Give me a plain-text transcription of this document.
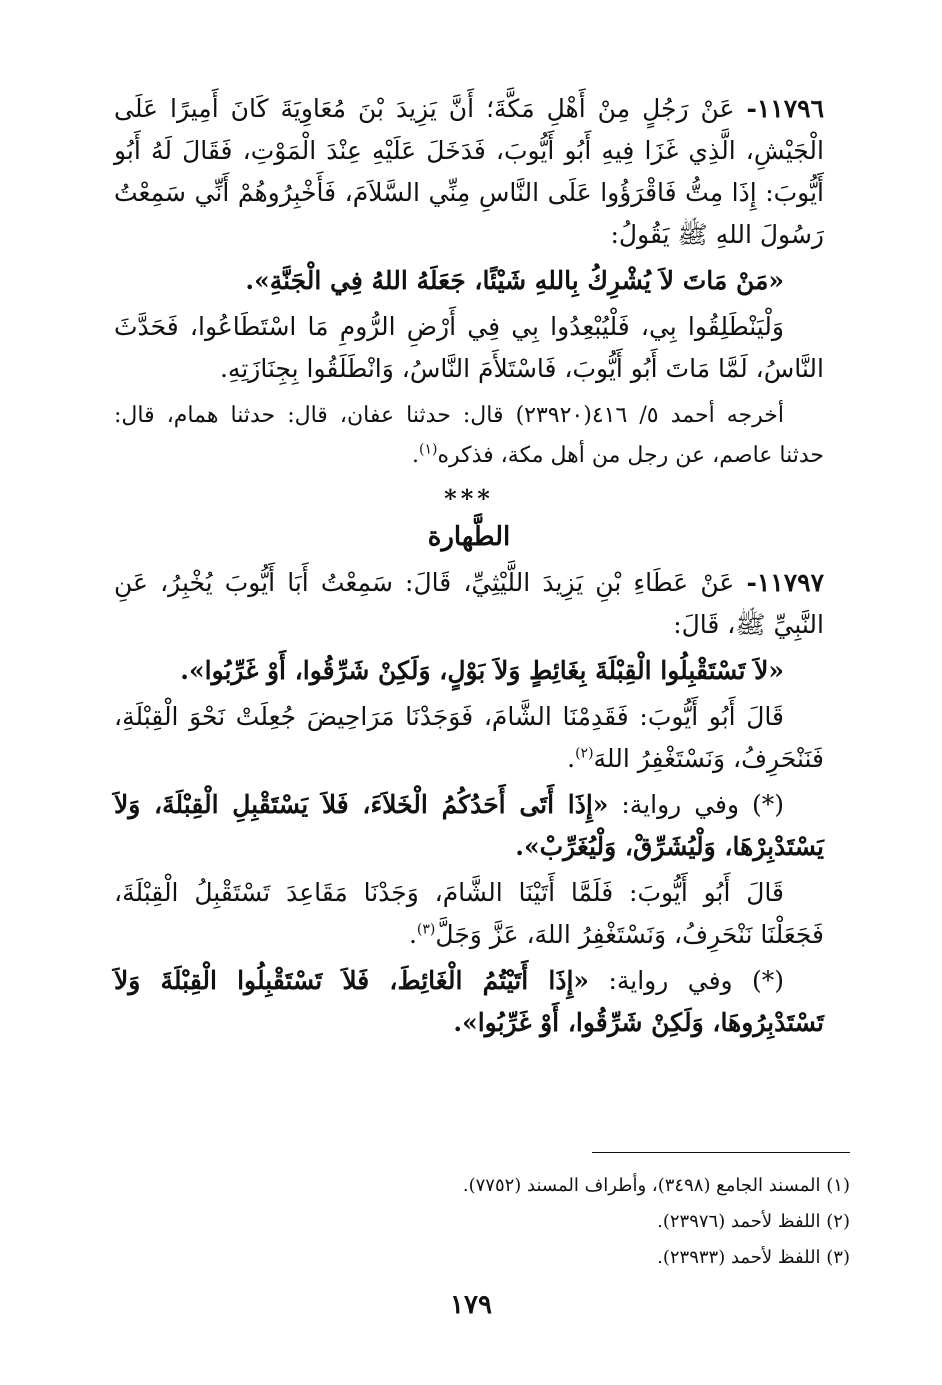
١١٧٩٦- عَنْ رَجُلٍ مِنْ أَهْلِ مَكَّةَ؛ أَنَّ يَزِيدَ بْنَ مُعَاوِيَةَ كَانَ أَمِيرًا عَلَى الْجَيْشِ، الَّذِي غَزَا فِيهِ أَبُو أَيُّوبَ، فَدَخَلَ عَلَيْهِ عِنْدَ الْمَوْتِ، فَقَالَ لَهُ أَبُو أَيُّوبَ: إِذَا مِتُّ فَاقْرَؤُوا عَلَى النَّاسِ مِنِّي السَّلاَمَ، فَأَخْبِرُوهُمْ أَنِّي سَمِعْتُ رَسُولَ اللهِ ﷺ يَقُولُ:

«مَنْ مَاتَ لاَ يُشْرِكُ بِاللهِ شَيْئًا، جَعَلَهُ اللهُ فِي الْجَنَّةِ».

وَلْيَنْطَلِقُوا بِي، فَلْيُبْعِدُوا بِي فِي أَرْضِ الرُّومِ مَا اسْتَطَاعُوا، فَحَدَّثَ النَّاسُ، لَمَّا مَاتَ أَبُو أَيُّوبَ، فَاسْتَلأَمَ النَّاسُ، وَانْطَلَقُوا بِجِنَازَتِهِ.

أخرجه أحمد ٥/ ٤١٦(٢٣٩٢٠) قال: حدثنا عفان، قال: حدثنا همام، قال: حدثنا عاصم، عن رجل من أهل مكة، فذكره$^{(١)}$.

***
الطَّهارة

١١٧٩٧- عَنْ عَطَاءِ بْنِ يَزِيدَ اللَّيْثِيِّ، قَالَ: سَمِعْتُ أَبَا أَيُّوبَ يُخْبِرُ، عَنِ النَّبِيِّ ﷺ، قَالَ:

«لاَ تَسْتَقْبِلُوا الْقِبْلَةَ بِغَائِطٍ وَلاَ بَوْلٍ، وَلَكِنْ شَرِّقُوا، أَوْ غَرِّبُوا».

قَالَ أَبُو أَيُّوبَ: فَقَدِمْنَا الشَّامَ، فَوَجَدْنَا مَرَاحِيضَ جُعِلَتْ نَحْوَ الْقِبْلَةِ، فَنَنْحَرِفُ، وَنَسْتَغْفِرُ اللهَ$^{(٢)}$.

(*) وفي رواية: «إِذَا أَتَى أَحَدُكُمُ الْخَلاَءَ، فَلاَ يَسْتَقْبِلِ الْقِبْلَةَ، وَلاَ يَسْتَدْبِرْهَا، وَلْيُشَرِّقْ، وَلْيُغَرِّبْ».

قَالَ أَبُو أَيُّوبَ: فَلَمَّا أَتَيْنَا الشَّامَ، وَجَدْنَا مَقَاعِدَ تَسْتَقْبِلُ الْقِبْلَةَ، فَجَعَلْنَا نَنْحَرِفُ، وَنَسْتَغْفِرُ اللهَ، عَزَّ وَجَلَّ$^{(٣)}$.

(*) وفي رواية: «إِذَا أَتَيْتُمُ الْغَائِطَ، فَلاَ تَسْتَقْبِلُوا الْقِبْلَةَ وَلاَ تَسْتَدْبِرُوهَا، وَلَكِنْ شَرِّقُوا، أَوْ غَرِّبُوا».

(١) المسند الجامع (٣٤٩٨)، وأطراف المسند (٧٧٥٢).
(٢) اللفظ لأحمد (٢٣٩٧٦).
(٣) اللفظ لأحمد (٢٣٩٣٣).
١٧٩
